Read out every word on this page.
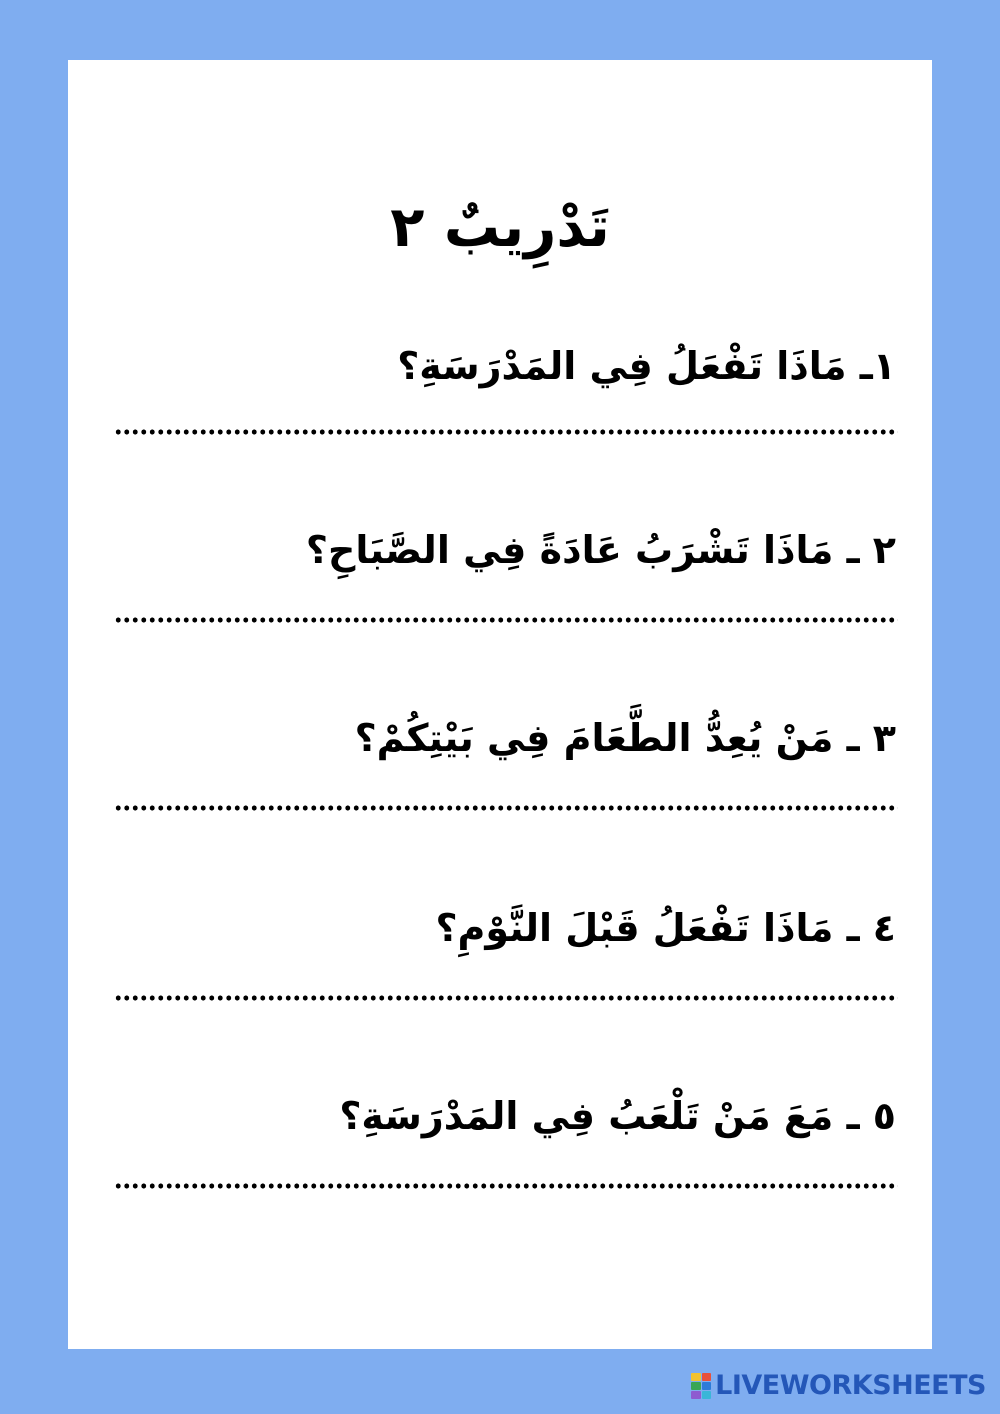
تَدْرِيبٌ ٢
١ـ مَاذَا تَفْعَلُ فِي المَدْرَسَةِ؟
٢ ـ مَاذَا تَشْرَبُ عَادَةً فِي الصَّبَاحِ؟
٣ ـ مَنْ يُعِدُّ الطَّعَامَ فِي بَيْتِكُمْ؟
٤ ـ مَاذَا تَفْعَلُ قَبْلَ النَّوْمِ؟
٥ ـ مَعَ مَنْ تَلْعَبُ فِي المَدْرَسَةِ؟
LIVEWORKSHEETS
